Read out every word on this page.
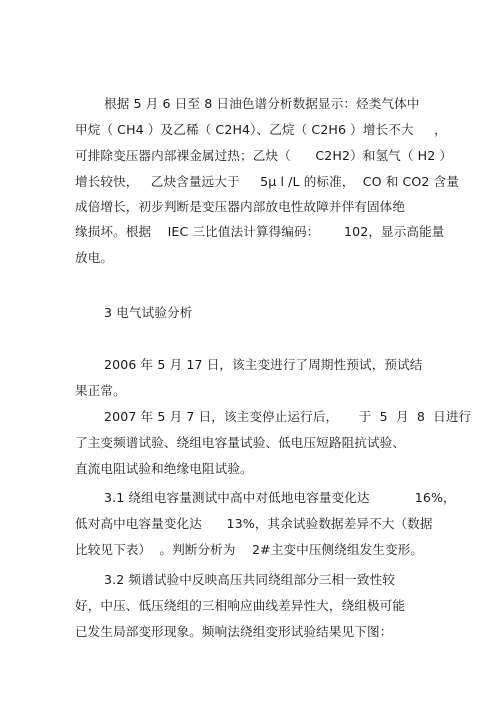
根据 5 月 6 日至 8 日油色谱分析数据显示：烃类气体中
甲烷（ CH4 ）及乙稀（ C2H4）、乙烷（ C2H6 ）增长不大     ，
可排除变压器内部裸金属过热；乙炔（      C2H2）和氢气（ H2 ）
增长较快，   乙炔含量远大于     5μ l /L 的标准，  CO 和 CO2 含量
成倍增长，初步判断是变压器内部放电性故障并伴有固体绝
缘损坏。根据    IEC 三比值法计算得编码：      102，显示高能量
放电。
3 电气试验分析
2006 年 5 月 17 日，该主变进行了周期性预试，预试结
果正常。
2007 年 5 月 7 日，该主变停止运行后，     于  5  月  8  日进行
了主变频谱试验、绕组电容量试验、低电压短路阻抗试验、
直流电阻试验和绝缘电阻试验。
3.1 绕组电容量测试中高中对低地电容量变化达           16%，
低对高中电容量变化达      13%，其余试验数据差异不大（数据
比较见下表）  。判断分析为    2#主变中压侧绕组发生变形。
3.2 频谱试验中反映高压共同绕组部分三相一致性较
好，中压、低压绕组的三相响应曲线差异性大，绕组极可能
已发生局部变形现象。频响法绕组变形试验结果见下图：
